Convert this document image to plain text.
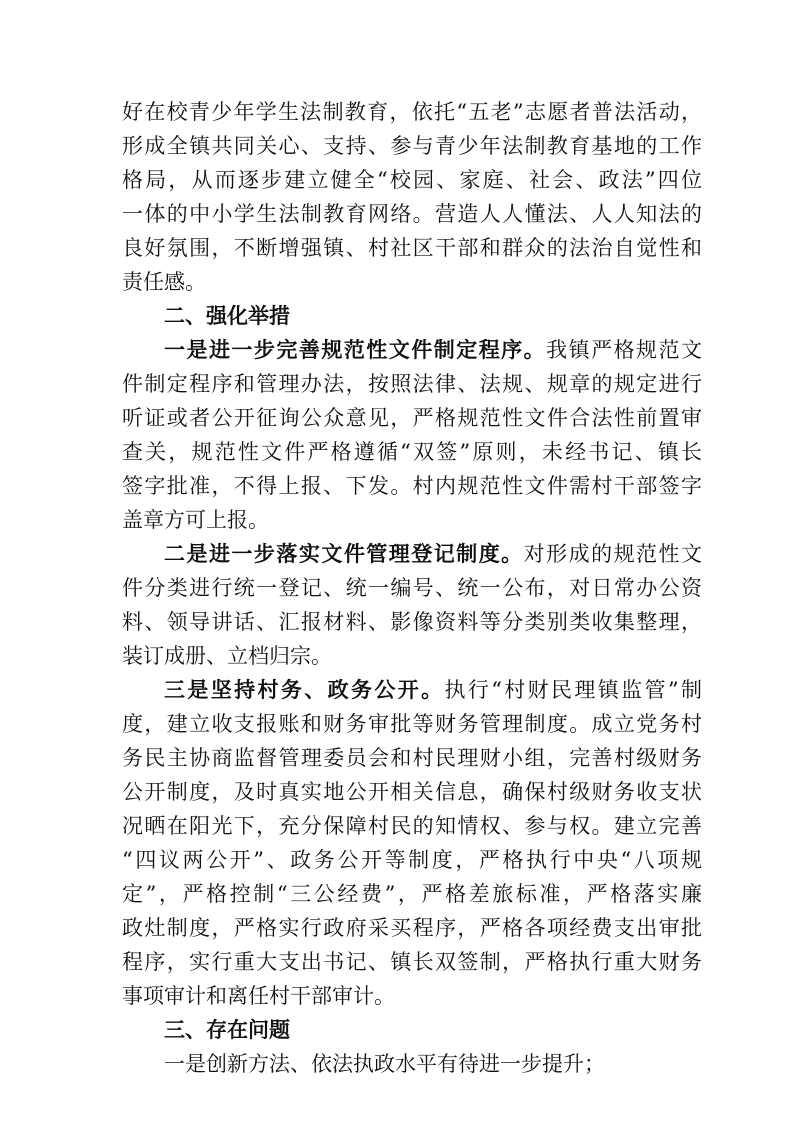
好在校青少年学生法制教育，依托“五老”志愿者普法活动，
形成全镇共同关心、支持、参与青少年法制教育基地的工作
格局，从而逐步建立健全“校园、家庭、社会、政法”四位
一体的中小学生法制教育网络。营造人人懂法、人人知法的
良好氛围，不断增强镇、村社区干部和群众的法治自觉性和
责任感。
二、强化举措
一是进一步完善规范性文件制定程序。我镇严格规范文
件制定程序和管理办法，按照法律、法规、规章的规定进行
听证或者公开征询公众意见，严格规范性文件合法性前置审
查关，规范性文件严格遵循“双签”原则，未经书记、镇长
签字批准，不得上报、下发。村内规范性文件需村干部签字
盖章方可上报。
二是进一步落实文件管理登记制度。对形成的规范性文
件分类进行统一登记、统一编号、统一公布，对日常办公资
料、领导讲话、汇报材料、影像资料等分类别类收集整理，
装订成册、立档归宗。
三是坚持村务、政务公开。执行“村财民理镇监管”制
度，建立收支报账和财务审批等财务管理制度。成立党务村
务民主协商监督管理委员会和村民理财小组，完善村级财务
公开制度，及时真实地公开相关信息，确保村级财务收支状
况晒在阳光下，充分保障村民的知情权、参与权。建立完善
“四议两公开”、政务公开等制度，严格执行中央“八项规
定”，严格控制“三公经费”，严格差旅标准，严格落实廉
政灶制度，严格实行政府采买程序，严格各项经费支出审批
程序，实行重大支出书记、镇长双签制，严格执行重大财务
事项审计和离任村干部审计。
三、存在问题
一是创新方法、依法执政水平有待进一步提升；
